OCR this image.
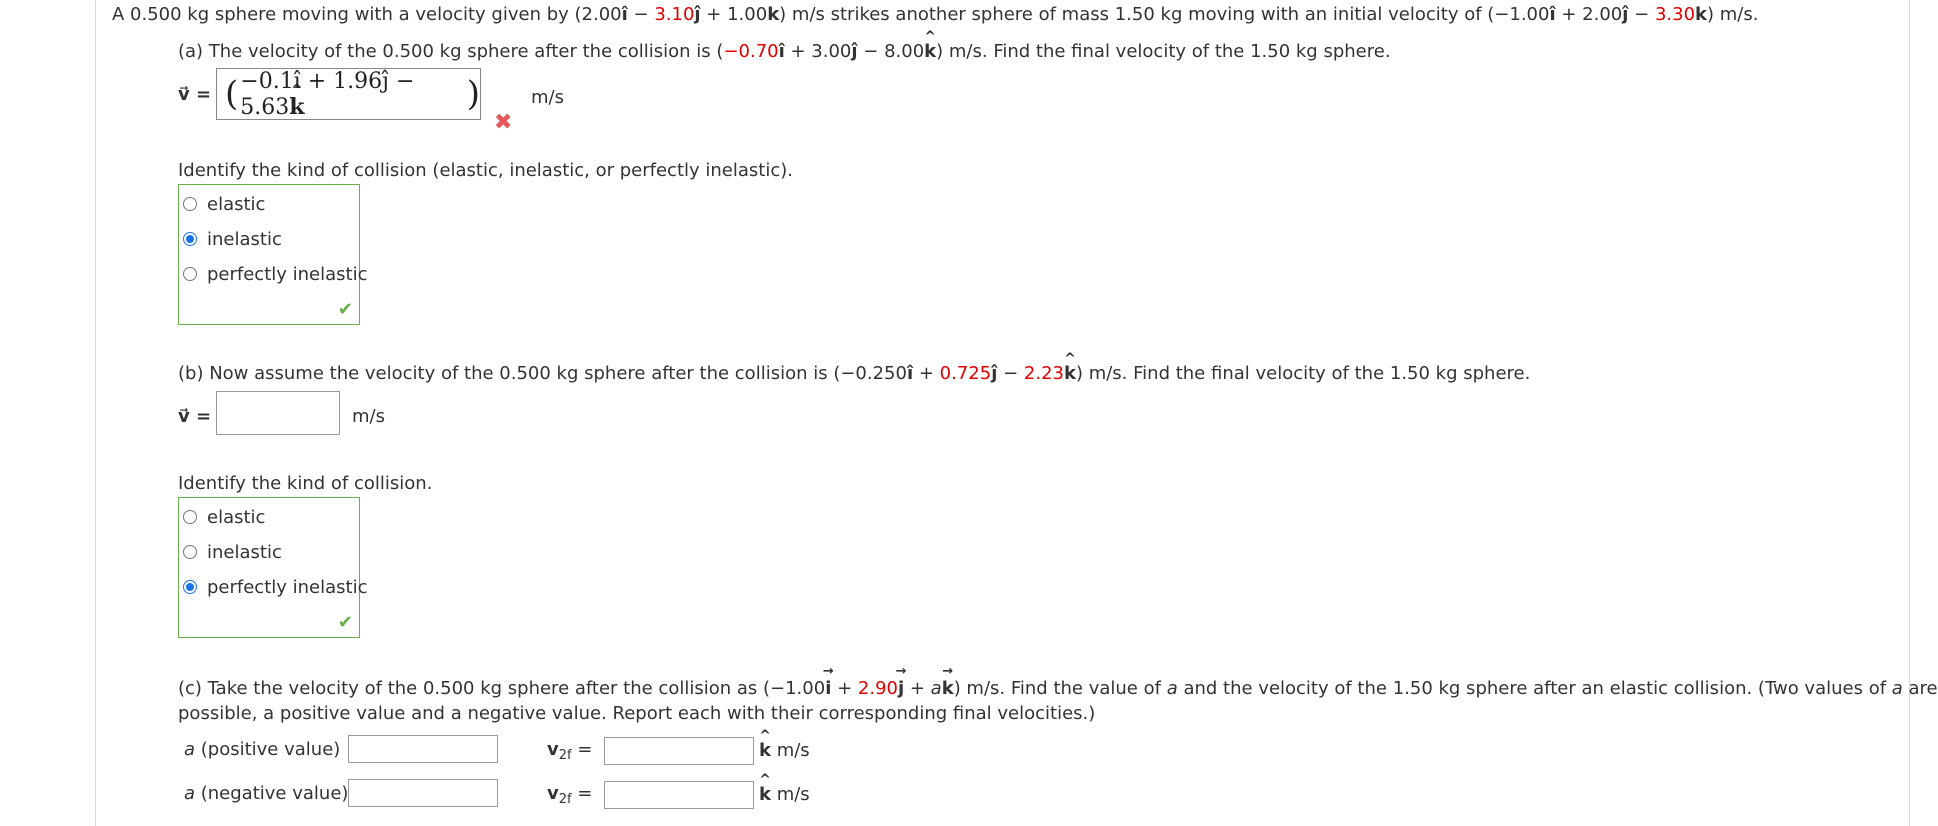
A 0.500 kg sphere moving with a velocity given by (2.00î − 3.10ĵ + 1.00k ^) m/s strikes another sphere of mass 1.50 kg moving with an initial velocity of (−1.00î + 2.00ĵ − 3.30k ^) m/s.
(a) The velocity of the 0.500 kg sphere after the collision is (−0.70î + 3.00ĵ − 8.00k ^) m/s. Find the final velocity of the 1.50 kg sphere.
v⃗ = ( −0.1î + 1.96ĵ − 5.63k ^	)	m/s
✖
Identify the kind of collision (elastic, inelastic, or perfectly inelastic).
elastic
inelastic
perfectly inelastic
✔
(b) Now assume the velocity of the 0.500 kg sphere after the collision is (−0.250î + 0.725ĵ − 2.23k ^) m/s. Find the final velocity of the 1.50 kg sphere.
v⃗ =	m/s
Identify the kind of collision.
elastic
inelastic
perfectly inelastic
✔
(c) Take the velocity of the 0.500 kg sphere after the collision as (−1.00i → + 2.90j → + ak →) m/s. Find the value of a and the velocity of the 1.50 kg sphere after an elastic collision. (Two values of a are
possible, a positive value and a negative value. Report each with their corresponding final velocities.)
a (positive value)	$v_{2f}$ =	k ^ m/s
a (negative value)	$v_{2f}$ =	k ^ m/s
